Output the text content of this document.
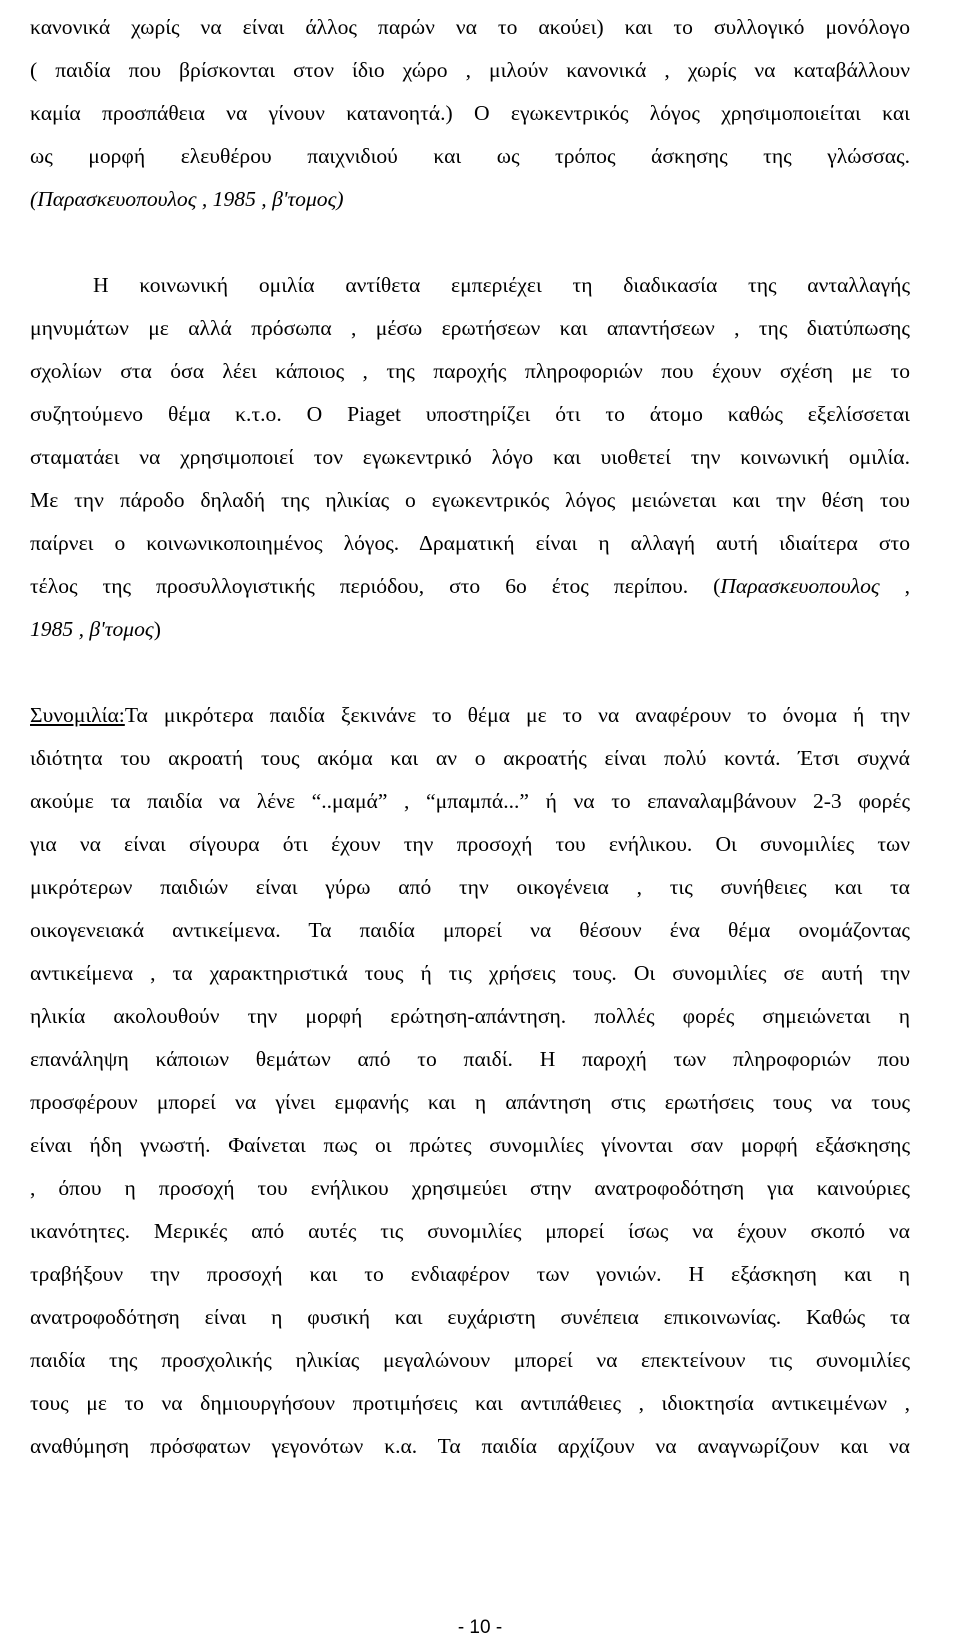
κανονικά χωρίς να είναι άλλος παρών να το ακούει) και το συλλογικό μονόλογο
( παιδία που βρίσκονται στον ίδιο χώρο , μιλούν κανονικά , χωρίς να καταβάλλουν
καμία προσπάθεια να γίνουν κατανοητά.) Ο εγωκεντρικός λόγος χρησιμοποιείται και
ως μορφή ελευθέρου παιχνιδιού και ως τρόπος άσκησης της γλώσσας.
(Παρασκευοπουλος , 1985 , β'τομος)
Η κοινωνική ομιλία αντίθετα εμπεριέχει τη διαδικασία της ανταλλαγής
μηνυμάτων με αλλά πρόσωπα , μέσω ερωτήσεων και απαντήσεων , της διατύπωσης
σχολίων στα όσα λέει κάποιος , της παροχής πληροφοριών που έχουν σχέση με το
συζητούμενο θέμα κ.τ.ο. Ο Piaget υποστηρίζει ότι το άτομο καθώς εξελίσσεται
σταματάει να χρησιμοποιεί τον εγωκεντρικό λόγο και υιοθετεί την κοινωνική ομιλία.
Με την πάροδο δηλαδή της ηλικίας ο εγωκεντρικός λόγος μειώνεται και την θέση του
παίρνει ο κοινωνικοποιημένος λόγος. Δραματική είναι η αλλαγή αυτή ιδιαίτερα στο
τέλος της προσυλλογιστικής περιόδου, στο 6ο έτος περίπου. (Παρασκευοπουλος ,
1985 , β'τομος)
Συνομιλία:Τα μικρότερα παιδία ξεκινάνε το θέμα με το να αναφέρουν το όνομα ή την
ιδιότητα του ακροατή τους ακόμα και αν ο ακροατής είναι πολύ κοντά. Έτσι συχνά
ακούμε τα παιδία να λένε “..μαμά” , “μπαμπά...” ή να το επαναλαμβάνουν 2-3 φορές
για να είναι σίγουρα ότι έχουν την προσοχή του ενήλικου. Οι συνομιλίες των
μικρότερων παιδιών είναι γύρω από την οικογένεια , τις συνήθειες και τα
οικογενειακά αντικείμενα. Τα παιδία μπορεί να θέσουν ένα θέμα ονομάζοντας
αντικείμενα , τα χαρακτηριστικά τους ή τις χρήσεις τους. Οι συνομιλίες σε αυτή την
ηλικία ακολουθούν την μορφή ερώτηση-απάντηση. πολλές φορές σημειώνεται η
επανάληψη κάποιων θεμάτων από το παιδί. Η παροχή των πληροφοριών που
προσφέρουν μπορεί να γίνει εμφανής και η απάντηση στις ερωτήσεις τους να τους
είναι ήδη γνωστή. Φαίνεται πως οι πρώτες συνομιλίες γίνονται σαν μορφή εξάσκησης
, όπου η προσοχή του ενήλικου χρησιμεύει στην ανατροφοδότηση για καινούριες
ικανότητες. Μερικές από αυτές τις συνομιλίες μπορεί ίσως να έχουν σκοπό να
τραβήξουν την προσοχή και το ενδιαφέρον των γονιών. Η εξάσκηση και η
ανατροφοδότηση είναι η φυσική και ευχάριστη συνέπεια επικοινωνίας. Καθώς τα
παιδία της προσχολικής ηλικίας μεγαλώνουν μπορεί να επεκτείνουν τις συνομιλίες
τους με το να δημιουργήσουν προτιμήσεις και αντιπάθειες , ιδιοκτησία αντικειμένων ,
αναθύμηση πρόσφατων γεγονότων κ.α. Τα παιδία αρχίζουν να αναγνωρίζουν και να
- 10 -
